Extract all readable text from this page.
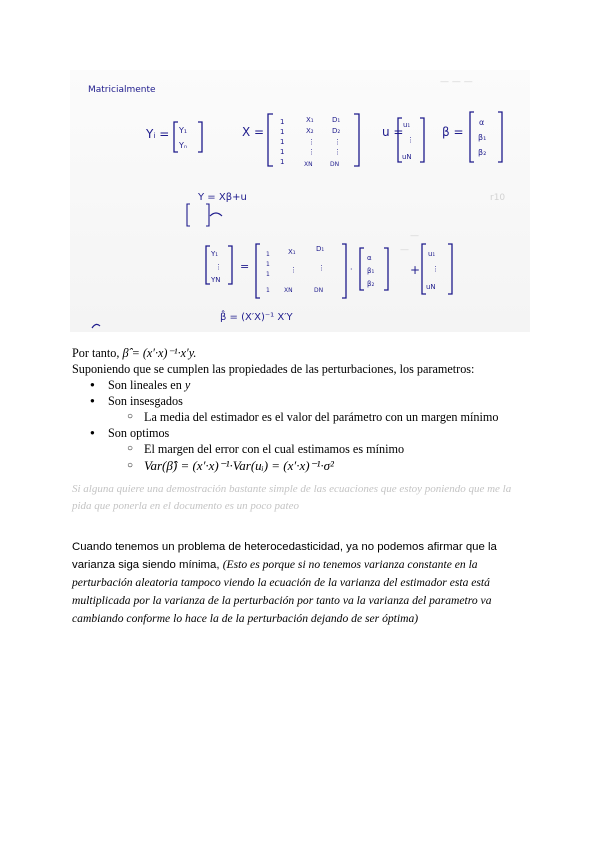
— — —
r10
—
—
Matricialmente
Yᵢ = Y₁
Yₙ
X =
1
1
1
1
1
X₁
X₂
⋮
⋮
XN
D₁
D₂
⋮
⋮
DN
u = u₁
⋮
uN
β =
α
β₁
β₂
Y = Xβ+u
Y₁
⋮
YN
=
1
1
1
1
X₁
⋮
XN
D₁
⋮
DN
·
α
β₁
β₂
+
u₁
⋮
uN
β̂ = (X′X)⁻¹ X′Y
Por tanto, β̂ = (x′·x)⁻¹·x′y.
Suponiendo que se cumplen las propiedades de las perturbaciones, los parametros:
● Son lineales en y
● Son insesgados
○ La media del estimador es el valor del parámetro con un margen mínimo
● Son optimos
○ El margen del error con el cual estimamos es mínimo
○ Var(β̂) = (x′·x)⁻¹·Var(uᵢ) = (x′·x)⁻¹·σ²
Si alguna quiere una demostración bastante simple de las ecuaciones que estoy poniendo que me la pida que ponerla en el documento es un poco pateo
Cuando tenemos un problema de heterocedasticidad, ya no podemos afirmar que la varianza siga siendo mínima, (Esto es porque si no tenemos varianza constante en la perturbación aleatoria tampoco viendo la ecuación de la varianza del estimador esta está multiplicada por la varianza de la perturbación por tanto va la varianza del parametro va cambiando conforme lo hace la de la perturbación dejando de ser óptima)
